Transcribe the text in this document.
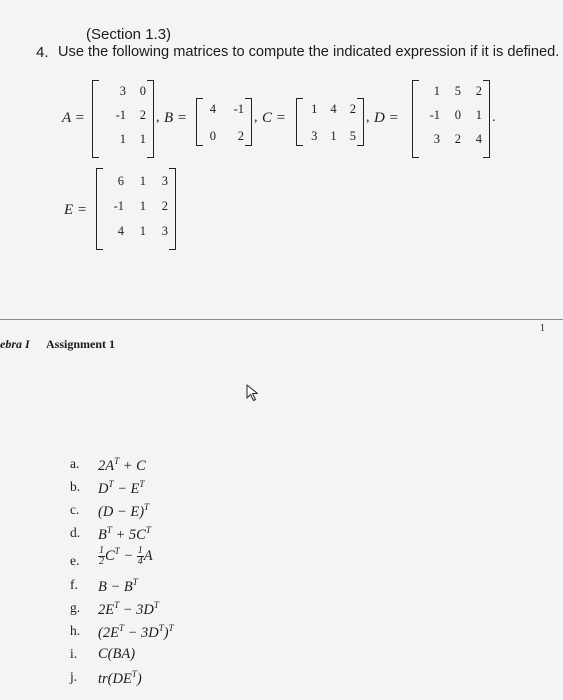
(Section 1.3)
4. Use the following matrices to compute the indicated expression if it is defined.
A =
3	0
-1	2
1	1
, B =
4	-1
0	2
, C =
1	4	2
3	1	5
, D =
1	5	2
-1	0	1
3	2	4
.
E =
6	1	3
-1	1	2
4	1	3
ebra I Assignment 1
1
a. $2A^T + C$
b. $D^T - E^T$
c. $(D - E)^T$
d. $B^T + 5C^T$
e. $\frac{1}{2} C^T - \frac{1}{4}$ A
f. $B - B^T$
g. $2E^T - 3D^T$
h. $(2E^T - 3D^T)^T$
i. C(BA)
j. $tr(DE^T)$
